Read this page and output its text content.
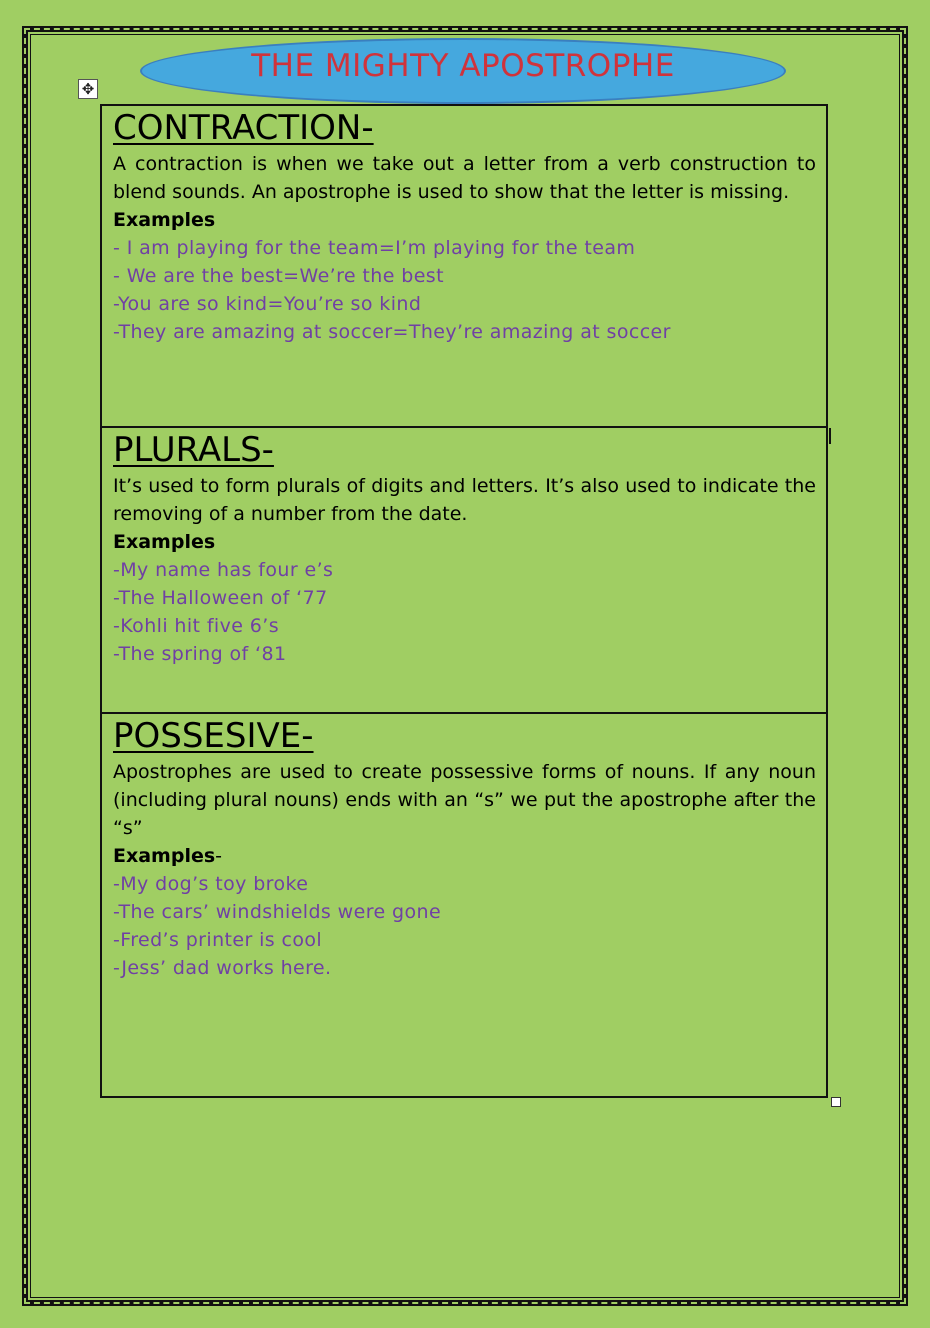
THE MIGHTY APOSTROPHE
✥
CONTRACTION-

A contraction is when we take out a letter from a verb construction to blend sounds. An apostrophe is used to show that the letter is missing.

Examples

- I am playing for the team=I’m playing for the team

- We are the best=We’re the best

-You are so kind=You’re so kind

-They are amazing at soccer=They’re amazing at soccer

PLURALS-

It’s used to form plurals of digits and letters. It’s also used to indicate the removing of a number from the date.

Examples

-My name has four e’s

-The Halloween of ‘77

-Kohli hit five 6’s

-The spring of ‘81

POSSESIVE-

Apostrophes are used to create possessive forms of nouns. If any noun (including plural nouns) ends with an “s” we put the apostrophe after the “s”

Examples-

-My dog’s toy broke

-The cars’ windshields were gone

-Fred’s printer is cool

-Jess’ dad works here.
